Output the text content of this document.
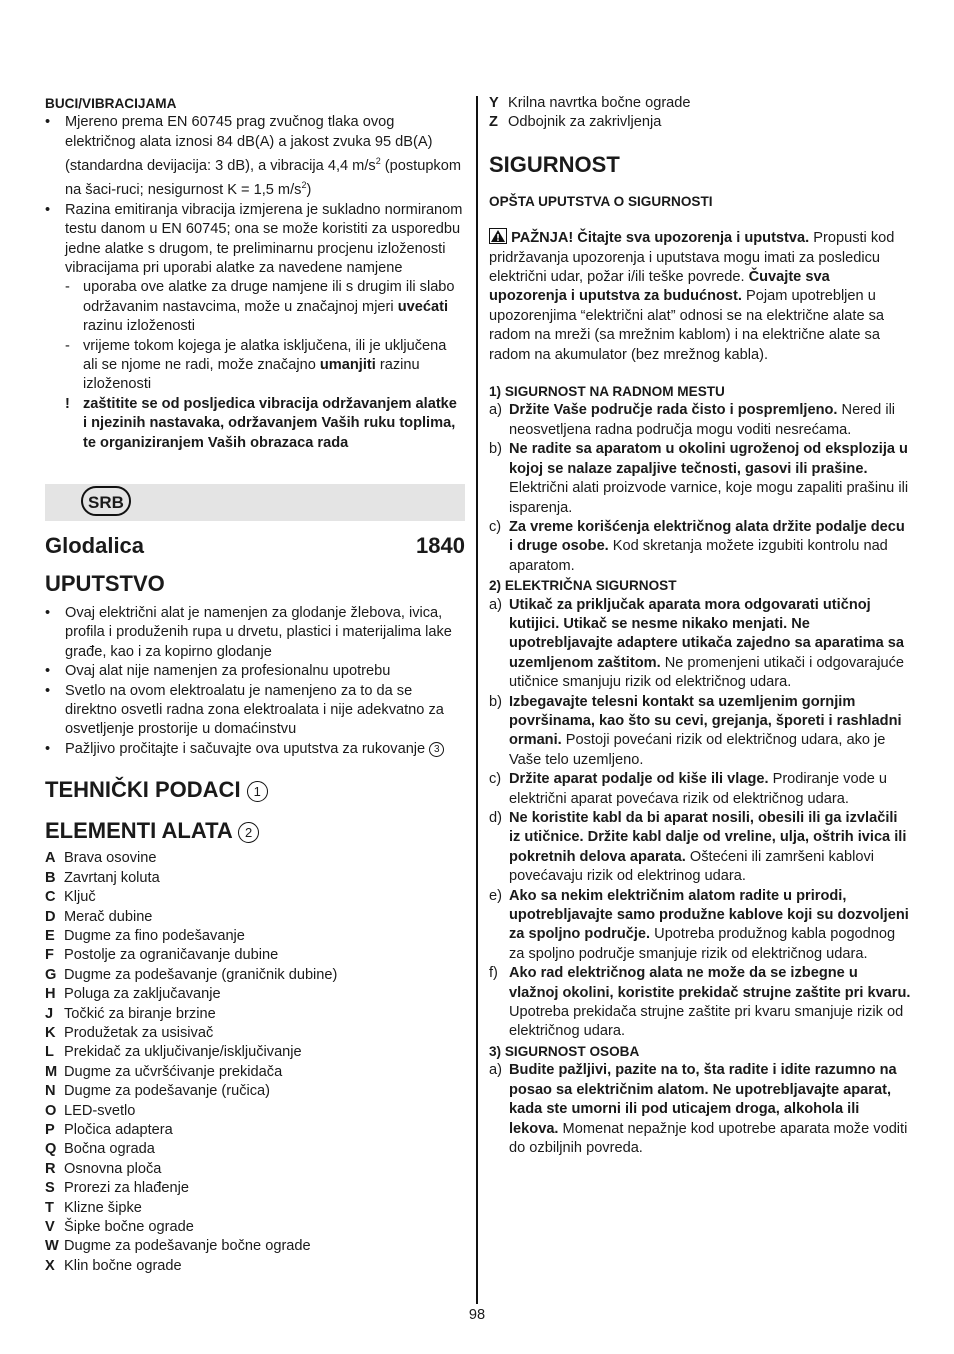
BUCI/VIBRACIJAMA

• Mjereno prema EN 60745 prag zvučnog tlaka ovog električnog alata iznosi 84 dB(A) a jakost zvuka 95 dB(A) (standardna devijacija: 3 dB), a vibracija 4,4 $m/s^2$ (postupkom na šaci-ruci; nesigurnost K = 1,5 $m/s^2$)
• Razina emitiranja vibracija izmjerena je sukladno normiranom testu danom u EN 60745; ona se može koristiti za usporedbu jedne alatke s drugom, te preliminarnu procjenu izloženosti vibracijama pri uporabi alatke za navedene namjene
- uporaba ove alatke za druge namjene ili s drugim ili slabo održavanim nastavcima, može u značajnoj mjeri uvećati razinu izloženosti
- vrijeme tokom kojega je alatka isključena, ili je uključena ali se njome ne radi, može značajno umanjiti razinu izloženosti
! zaštitite se od posljedica vibracija održavanjem alatke i njezinih nastavaka, održavanjem Vaših ruku toplima, te organiziranjem Vaših obrazaca rada
SRB
Glodalica	1840

UPUTSTVO

• Ovaj električni alat je namenjen za glodanje žlebova, ivica, profila i produženih rupa u drvetu, plastici i materijalima lake građe, kao i za kopirno glodanje
• Ovaj alat nije namenjen za profesionalnu upotrebu
• Svetlo na ovom elektroalatu je namenjeno za to da se direktno osvetli radna zona elektroalata i nije adekvatno za osvetljenje prostorije u domaćinstvu
• Pažljivo pročitajte i sačuvajte ova uputstva za rukovanje 3

TEHNIČKI PODACI 1

ELEMENTI ALATA 2

A Brava osovine
B Zavrtanj koluta
C Ključ
D Merač dubine
E Dugme za fino podešavanje
F Postolje za ograničavanje dubine
G Dugme za podešavanje (graničnik dubine)
H Poluga za zaključavanje
J Točkić za biranje brzine
K Produžetak za usisivač
L Prekidač za uključivanje/isključivanje
M Dugme za učvršćivanje prekidača
N Dugme za podešavanje (ručica)
O LED-svetlo
P Pločica adaptera
Q Bočna ograda
R Osnovna ploča
S Prorezi za hlađenje
T Klizne šipke
V Šipke bočne ograde
W Dugme za podešavanje bočne ograde
X Klin bočne ograde
Y Krilna navrtka bočne ograde
Z Odbojnik za zakrivljenja

SIGURNOST

OPŠTA UPUTSTVA O SIGURNOSTI

PAŽNJA! Čitajte sva upozorenja i uputstva. Propusti kod pridržavanja upozorenja i uputstava mogu imati za posledicu električni udar, požar i/ili teške povrede. Čuvajte sva upozorenja i uputstva za budućnost. Pojam upotrebljen u upozorenjima “električni alat” odnosi se na električne alate sa radom na mreži (sa mrežnim kablom) i na električne alate sa radom na akumulator (bez mrežnog kabla).

1) SIGURNOST NA RADNOM MESTU

a) Držite Vaše područje rada čisto i pospremljeno. Nered ili neosvetljena radna područja mogu voditi nesrećama.
b) Ne radite sa aparatom u okolini ugroženoj od eksplozija u kojoj se nalaze zapaljive tečnosti, gasovi ili prašine. Električni alati proizvode varnice, koje mogu zapaliti prašinu ili isparenja.
c) Za vreme korišćenja električnog alata držite podalje decu i druge osobe. Kod skretanja možete izgubiti kontrolu nad aparatom.

2) ELEKTRIČNA SIGURNOST

a) Utikač za priključak aparata mora odgovarati utičnoj kutijici. Utikač se nesme nikako menjati. Ne upotrebljavajte adaptere utikača zajedno sa aparatima sa uzemljenom zaštitom. Ne promenjeni utikači i odgovarajuće utičnice smanjuju rizik od električnog udara.
b) Izbegavajte telesni kontakt sa uzemljenim gornjim površinama, kao što su cevi, grejanja, šporeti i rashladni ormani. Postoji povećani rizik od električnog udara, ako je Vaše telo uzemljeno.
c) Držite aparat podalje od kiše ili vlage. Prodiranje vode u električni aparat povećava rizik od električnog udara.
d) Ne koristite kabl da bi aparat nosili, obesili ili ga izvlačili iz utičnice. Držite kabl dalje od vreline, ulja, oštrih ivica ili pokretnih delova aparata. Oštećeni ili zamršeni kablovi povećavaju rizik od elektrinog udara.
e) Ako sa nekim električnim alatom radite u prirodi, upotrebljavajte samo produžne kablove koji su dozvoljeni za spoljno područje. Upotreba produžnog kabla pogodnog za spoljno područje smanjuje rizik od električnog udara.
f) Ako rad električnog alata ne može da se izbegne u vlažnoj okolini, koristite prekidač strujne zaštite pri kvaru. Upotreba prekidača strujne zaštite pri kvaru smanjuje rizik od električnog udara.

3) SIGURNOST OSOBA

a) Budite pažljivi, pazite na to, šta radite i idite razumno na posao sa električnim alatom. Ne upotrebljavajte aparat, kada ste umorni ili pod uticajem droga, alkohola ili lekova. Momenat nepažnje kod upotrebe aparata može voditi do ozbiljnih povreda.
98
